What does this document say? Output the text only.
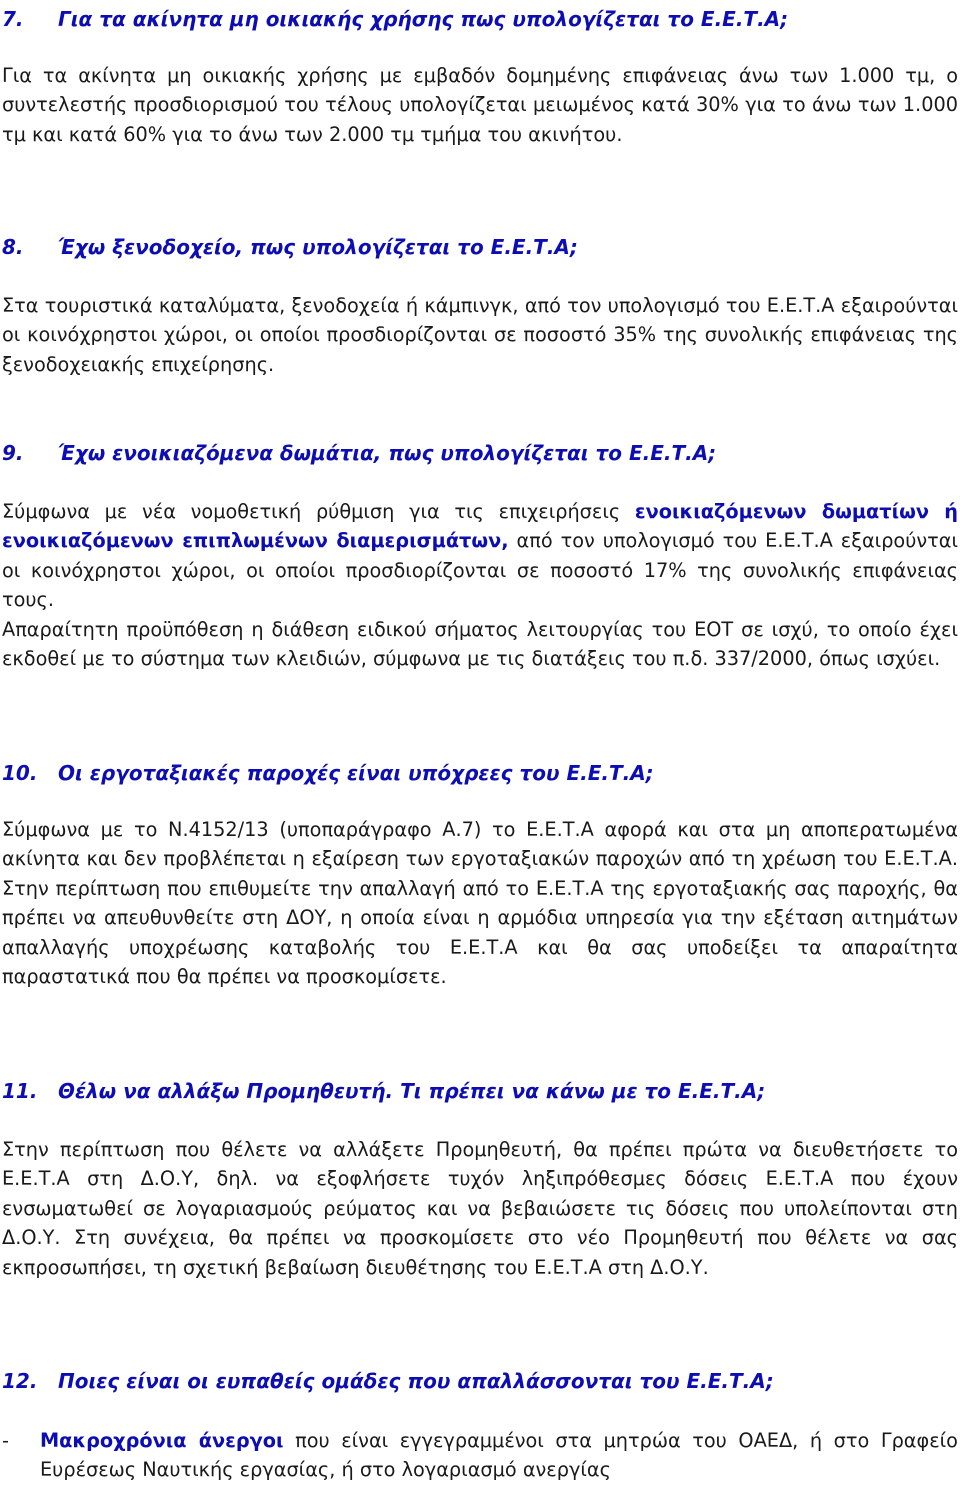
7. Για τα ακίνητα μη οικιακής χρήσης πως υπολογίζεται το Ε.Ε.Τ.Α;

Για τα ακίνητα μη οικιακής χρήσης με εμβαδόν δομημένης επιφάνειας άνω των 1.000 τμ, ο συντελεστής προσδιορισμού του τέλους υπολογίζεται μειωμένος κατά 30% για το άνω των 1.000 τμ και κατά 60% για το άνω των 2.000 τμ τμήμα του ακινήτου.

8. Έχω ξενοδοχείο, πως υπολογίζεται το Ε.Ε.Τ.Α;

Στα τουριστικά καταλύματα, ξενοδοχεία ή κάμπινγκ, από τον υπολογισμό του Ε.Ε.Τ.Α εξαιρούνται οι κοινόχρηστοι χώροι, οι οποίοι προσδιορίζονται σε ποσοστό 35% της συνολικής επιφάνειας της ξενοδοχειακής επιχείρησης.

9. Έχω ενοικιαζόμενα δωμάτια, πως υπολογίζεται το Ε.Ε.Τ.Α;

Σύμφωνα με νέα νομοθετική ρύθμιση για τις επιχειρήσεις ενοικιαζόμενων δωματίων ή ενοικιαζόμενων επιπλωμένων διαμερισμάτων, από τον υπολογισμό του Ε.Ε.Τ.Α εξαιρούνται οι κοινόχρηστοι χώροι, οι οποίοι προσδιορίζονται σε ποσοστό 17% της συνολικής επιφάνειας τους.

Απαραίτητη προϋπόθεση η διάθεση ειδικού σήματος λειτουργίας του ΕΟΤ σε ισχύ, το οποίο έχει εκδοθεί με το σύστημα των κλειδιών, σύμφωνα με τις διατάξεις του π.δ. 337/2000, όπως ισχύει.

10. Οι εργοταξιακές παροχές είναι υπόχρεες του Ε.Ε.Τ.Α;

Σύμφωνα με το Ν.4152/13 (υποπαράγραφο Α.7) το Ε.Ε.Τ.Α αφορά και στα μη αποπερατωμένα ακίνητα και δεν προβλέπεται η εξαίρεση των εργοταξιακών παροχών από τη χρέωση του Ε.Ε.Τ.Α. Στην περίπτωση που επιθυμείτε την απαλλαγή από το Ε.Ε.Τ.Α της εργοταξιακής σας παροχής, θα πρέπει να απευθυνθείτε στη ΔΟΥ, η οποία είναι η αρμόδια υπηρεσία για την εξέταση αιτημάτων απαλλαγής υποχρέωσης καταβολής του Ε.Ε.Τ.Α και θα σας υποδείξει τα απαραίτητα παραστατικά που θα πρέπει να προσκομίσετε.

11. Θέλω να αλλάξω Προμηθευτή. Τι πρέπει να κάνω με το Ε.Ε.Τ.Α;

Στην περίπτωση που θέλετε να αλλάξετε Προμηθευτή, θα πρέπει πρώτα να διευθετήσετε το Ε.Ε.Τ.Α στη Δ.Ο.Υ, δηλ. να εξοφλήσετε τυχόν ληξιπρόθεσμες δόσεις Ε.Ε.Τ.Α που έχουν ενσωματωθεί σε λογαριασμούς ρεύματος και να βεβαιώσετε τις δόσεις που υπολείπονται στη Δ.Ο.Υ. Στη συνέχεια, θα πρέπει να προσκομίσετε στο νέο Προμηθευτή που θέλετε να σας εκπροσωπήσει, τη σχετική βεβαίωση διευθέτησης του Ε.Ε.Τ.Α στη Δ.Ο.Υ.

12. Ποιες είναι οι ευπαθείς ομάδες που απαλλάσσονται του Ε.Ε.Τ.Α;
-	Μακροχρόνια άνεργοι που είναι εγγεγραμμένοι στα μητρώα του ΟΑΕΔ, ή στο Γραφείο Ευρέσεως Ναυτικής εργασίας, ή στο λογαριασμό ανεργίας
